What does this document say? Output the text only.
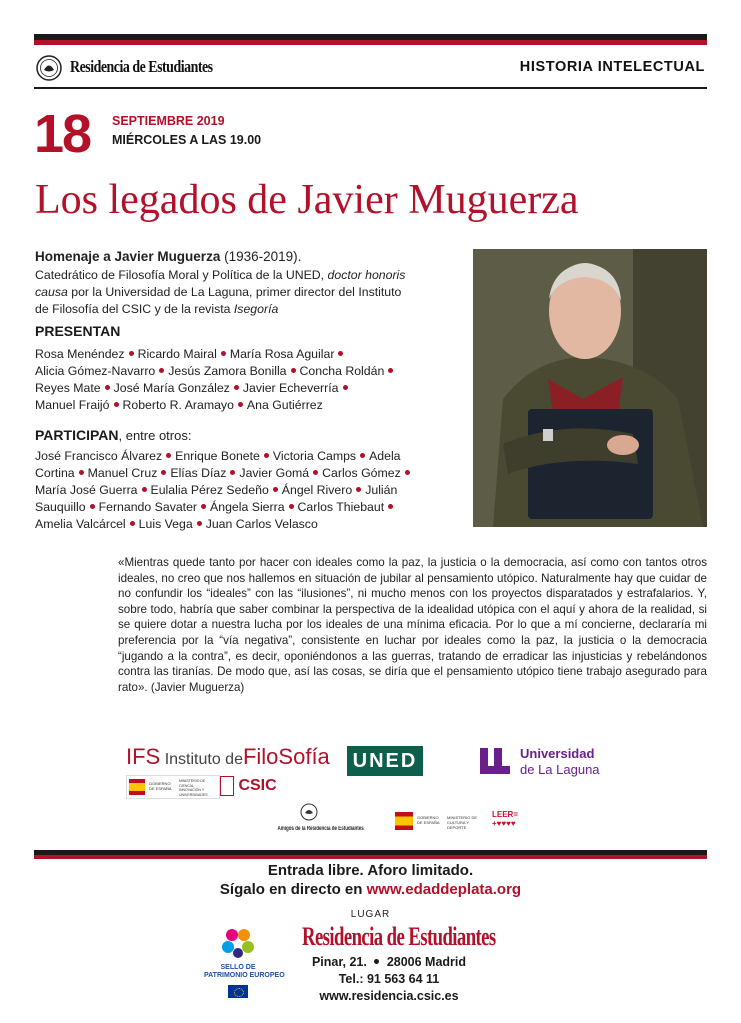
Residencia de Estudiantes	HISTORIA INTELECTUAL
18 SEPTIEMBRE 2019
MIÉRCOLES A LAS 19.00
Los legados de Javier Muguerza
Homenaje a Javier Muguerza (1936-2019).
Catedrático de Filosofía Moral y Política de la UNED, doctor honoris
causa por la Universidad de La Laguna, primer director del Instituto
de Filosofía del CSIC y de la revista Isegoría
PRESENTAN
Rosa Menéndez Ricardo Mairal María Rosa Aguilar
Alicia Gómez-Navarro Jesús Zamora Bonilla Concha Roldán
Reyes Mate José María González Javier Echeverría
Manuel Fraijó Roberto R. Aramayo Ana Gutiérrez
PARTICIPAN, entre otros:
José Francisco Álvarez Enrique Bonete Victoria Camps Adela
Cortina Manuel Cruz Elías Díaz Javier Gomá Carlos Gómez
María José Guerra Eulalia Pérez Sedeño Ángel Rivero Julián
Sauquillo Fernando Savater Ángela Sierra Carlos Thiebaut
Amelia Valcárcel Luis Vega Juan Carlos Velasco
«Mientras quede tanto por hacer con ideales como la paz, la justicia o la democracia, así como con tantos otros ideales, no creo que nos hallemos en situación de jubilar al pensamiento utópico. Naturalmente hay que cuidar de no confundir los “ideales” con las “ilusiones”, ni mucho menos con los proyectos disparatados y estrafalarios. Y, sobre todo, habría que saber combinar la perspectiva de la idealidad utópica con el aquí y ahora de la realidad, si se quiere dotar a nuestra lucha por los ideales de una mínima eficacia. Por lo que a mí concierne, declararía mi preferencia por la “vía negativa”, consistente en luchar por ideales como la paz, la justicia o la democracia “jugando a la contra”, es decir, oponiéndonos a las guerras, tratando de erradicar las injusticias y rebelándonos contra las tiranías. De modo que, así las cosas, se diría que el pensamiento utópico tiene trabajo asegurado para rato». (Javier Muguerza)
IFS Instituto deFiloSofía
GOBIERNO DE ESPAÑA
MINISTERIO DE CIENCIA, INNOVACIÓN Y UNIVERSIDADES
CSIC
UNED	Universidad
de La Laguna
Amigos de la Residencia de Estudiantes
GOBIERNO DE ESPAÑA
MINISTERIO DE CULTURA Y DEPORTE
LEER=
+♥♥♥♥
Entrada libre. Aforo limitado.
Sígalo en directo en www.edaddeplata.org
LUGAR
SELLO DE
PATRIMONIO EUROPEO
Residencia de Estudiantes
Pinar, 21. 28006 Madrid
Tel.: 91 563 64 11
www.residencia.csic.es
